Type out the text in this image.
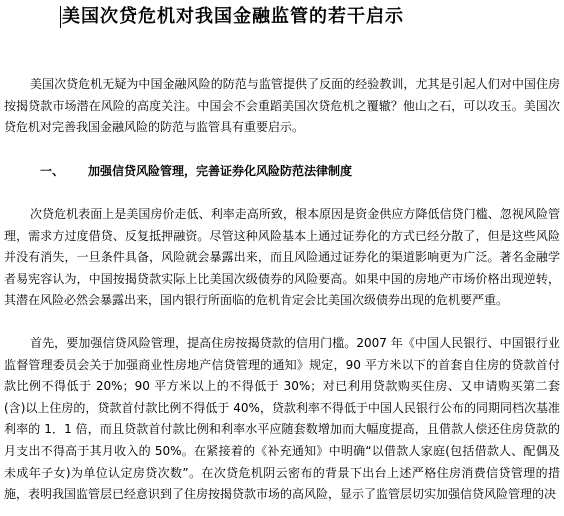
美国次贷危机对我国金融监管的若干启示

美国次贷危机无疑为中国金融风险的防范与监管提供了反面的经验教训，尤其是引起人们对中国住房按揭贷款市场潜在风险的高度关注。中国会不会重蹈美国次贷危机之覆辙？他山之石，可以攻玉。美国次贷危机对完善我国金融风险的防范与监管具有重要启示。

一、 加强信贷风险管理，完善证券化风险防范法律制度

次贷危机表面上是美国房价走低、利率走高所致，根本原因是资金供应方降低信贷门槛、忽视风险管理，需求方过度借贷、反复抵押融资。尽管这种风险基本上通过证券化的方式已经分散了，但是这些风险并没有消失，一旦条件具备，风险就会暴露出来，而且风险通过证券化的渠道影响更为广泛。著名金融学者易宪容认为，中国按揭贷款实际上比美国次级债券的风险要高。如果中国的房地产市场价格出现逆转，其潜在风险必然会暴露出来，国内银行所面临的危机肯定会比美国次级债券出现的危机要严重。

首先，要加强信贷风险管理，提高住房按揭贷款的信用门槛。2007 年《中国人民银行、中国银行业监督管理委员会关于加强商业性房地产信贷管理的通知》规定，90 平方米以下的首套自住房的贷款首付款比例不得低于 20%；90 平方米以上的不得低于 30%；对已利用贷款购买住房、又申请购买第二套(含)以上住房的，贷款首付款比例不得低于 40%，贷款利率不得低于中国人民银行公布的同期同档次基准利率的 1．1 倍，而且贷款首付款比例和利率水平应随套数增加而大幅度提高，且借款人偿还住房贷款的月支出不得高于其月收入的 50%。在紧接着的《补充通知》中明确“以借款人家庭(包括借款人、配偶及未成年子女)为单位认定房贷次数”。在次贷危机阴云密布的背景下出台上述严格住房消费信贷管理的措施，表明我国监管层已经意识到了住房按揭贷款市场的高风险，显示了监管层切实加强信贷风险管理的决
